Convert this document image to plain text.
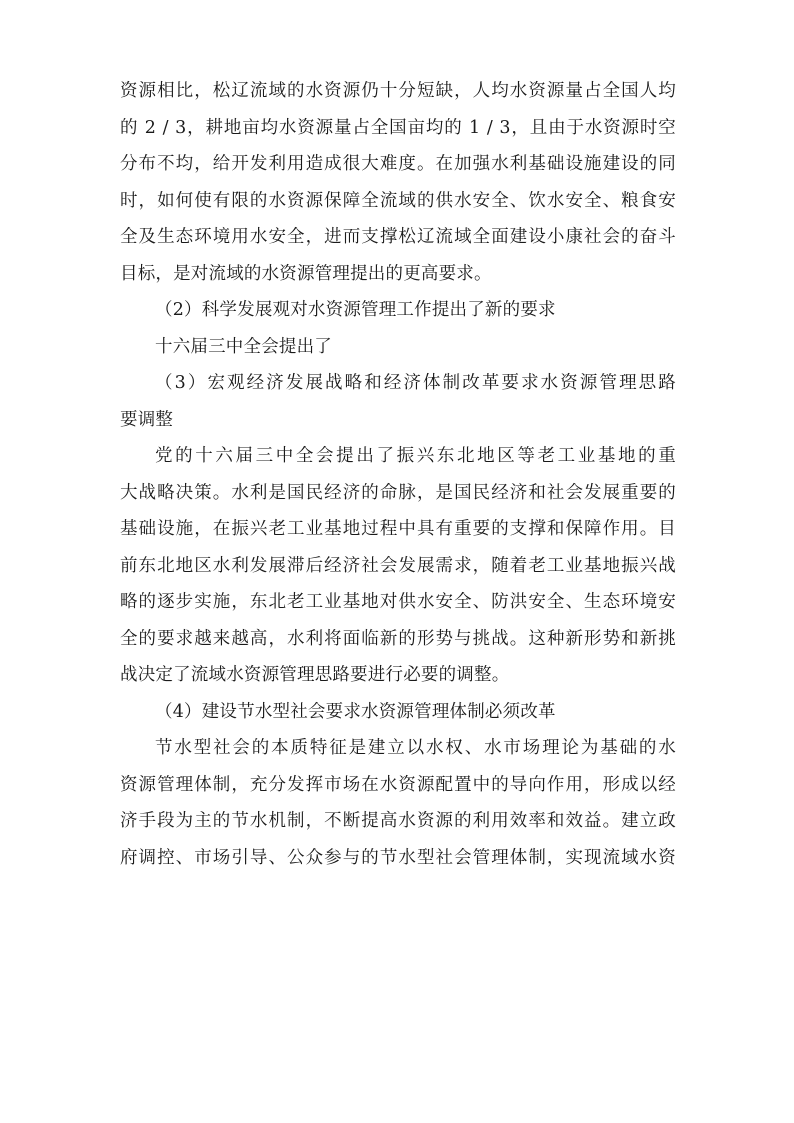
资源相比，松辽流域的水资源仍十分短缺，人均水资源量占全国人均
的 2 / 3，耕地亩均水资源量占全国亩均的 1 / 3，且由于水资源时空
分布不均，给开发利用造成很大难度。在加强水利基础设施建设的同
时，如何使有限的水资源保障全流域的供水安全、饮水安全、粮食安
全及生态环境用水安全，进而支撑松辽流域全面建设小康社会的奋斗
目标，是对流域的水资源管理提出的更高要求。
（2）科学发展观对水资源管理工作提出了新的要求
十六届三中全会提出了
（3）宏观经济发展战略和经济体制改革要求水资源管理思路
要调整
党的十六届三中全会提出了振兴东北地区等老工业基地的重
大战略决策。水利是国民经济的命脉，是国民经济和社会发展重要的
基础设施，在振兴老工业基地过程中具有重要的支撑和保障作用。目
前东北地区水利发展滞后经济社会发展需求，随着老工业基地振兴战
略的逐步实施，东北老工业基地对供水安全、防洪安全、生态环境安
全的要求越来越高，水利将面临新的形势与挑战。这种新形势和新挑
战决定了流域水资源管理思路要进行必要的调整。
（4）建设节水型社会要求水资源管理体制必须改革
节水型社会的本质特征是建立以水权、水市场理论为基础的水
资源管理体制，充分发挥市场在水资源配置中的导向作用，形成以经
济手段为主的节水机制，不断提高水资源的利用效率和效益。建立政
府调控、市场引导、公众参与的节水型社会管理体制，实现流域水资
